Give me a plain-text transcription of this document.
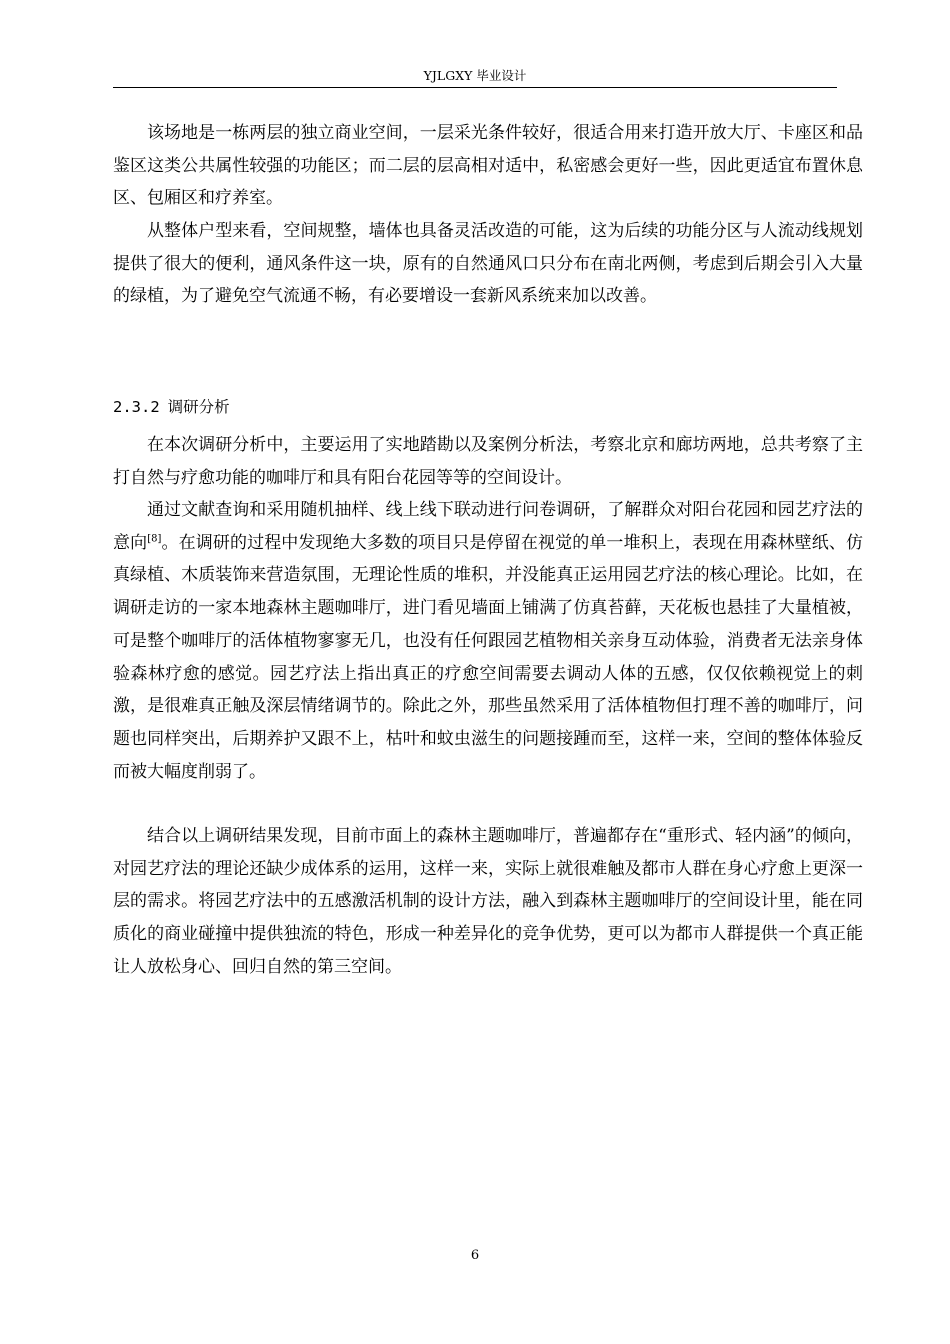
YJLGXY 毕业设计

该场地是一栋两层的独立商业空间，一层采光条件较好，很适合用来打造开放大厅、卡座区和品鉴区这类公共属性较强的功能区；而二层的层高相对适中，私密感会更好一些，因此更适宜布置休息区、包厢区和疗养室。

从整体户型来看，空间规整，墙体也具备灵活改造的可能，这为后续的功能分区与人流动线规划提供了很大的便利，通风条件这一块，原有的自然通风口只分布在南北两侧，考虑到后期会引入大量的绿植，为了避免空气流通不畅，有必要增设一套新风系统来加以改善。

2.3.2 调研分析

在本次调研分析中，主要运用了实地踏勘以及案例分析法，考察北京和廊坊两地，总共考察了主打自然与疗愈功能的咖啡厅和具有阳台花园等等的空间设计。

通过文献查询和采用随机抽样、线上线下联动进行问卷调研，了解群众对阳台花园和园艺疗法的意向[8]。在调研的过程中发现绝大多数的项目只是停留在视觉的单一堆积上，表现在用森林壁纸、仿真绿植、木质装饰来营造氛围，无理论性质的堆积，并没能真正运用园艺疗法的核心理论。比如，在调研走访的一家本地森林主题咖啡厅，进门看见墙面上铺满了仿真苔藓，天花板也悬挂了大量植被，可是整个咖啡厅的活体植物寥寥无几，也没有任何跟园艺植物相关亲身互动体验，消费者无法亲身体验森林疗愈的感觉。园艺疗法上指出真正的疗愈空间需要去调动人体的五感，仅仅依赖视觉上的刺激，是很难真正触及深层情绪调节的。除此之外，那些虽然采用了活体植物但打理不善的咖啡厅，问题也同样突出，后期养护又跟不上，枯叶和蚊虫滋生的问题接踵而至，这样一来，空间的整体体验反而被大幅度削弱了。

结合以上调研结果发现，目前市面上的森林主题咖啡厅，普遍都存在“重形式、轻内涵”的倾向，对园艺疗法的理论还缺少成体系的运用，这样一来，实际上就很难触及都市人群在身心疗愈上更深一层的需求。将园艺疗法中的五感激活机制的设计方法，融入到森林主题咖啡厅的空间设计里，能在同质化的商业碰撞中提供独流的特色，形成一种差异化的竞争优势，更可以为都市人群提供一个真正能让人放松身心、回归自然的第三空间。

6
